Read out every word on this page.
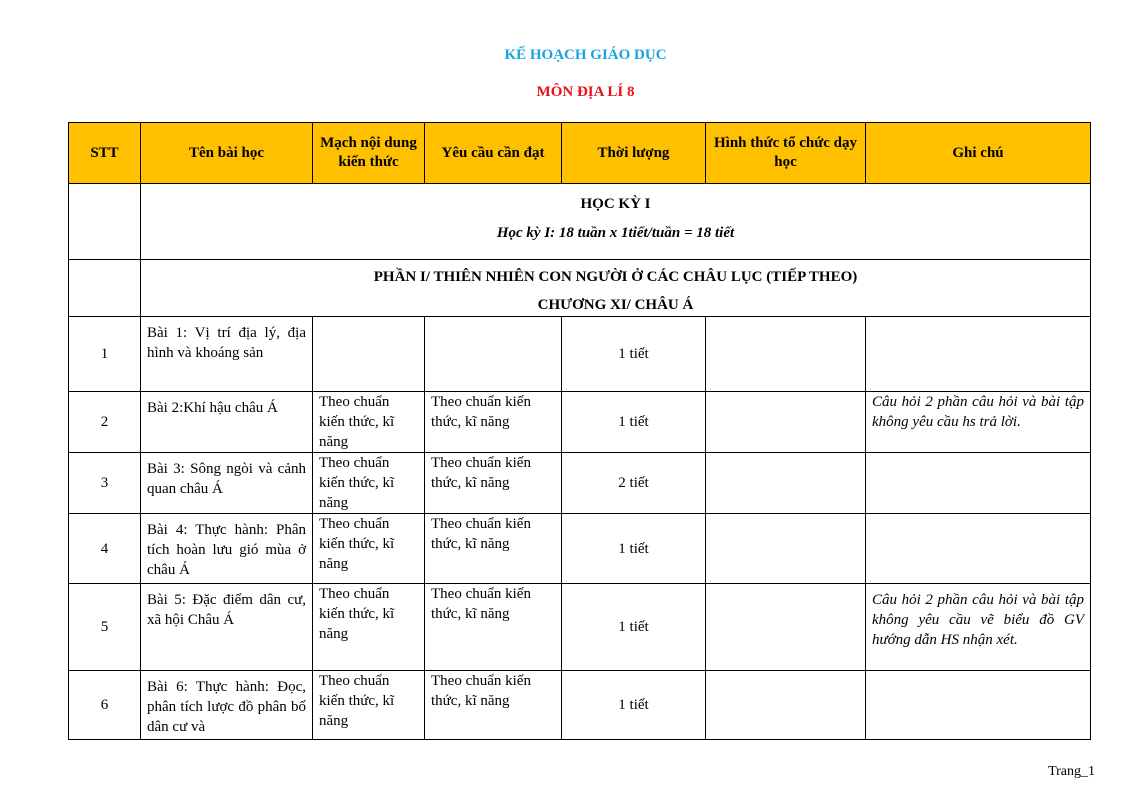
KẾ HOẠCH GIÁO DỤC
MÔN ĐỊA LÍ 8
STT	Tên bài học	Mạch nội dung kiến thức	Yêu cầu cần đạt	Thời lượng	Hình thức tổ chức dạy học	Ghi chú

	HỌC KỲ I
Học kỳ I: 18 tuần x 1tiết/tuần = 18 tiết					

	PHẦN I/ THIÊN NHIÊN CON NGƯỜI Ở CÁC CHÂU LỤC (TIẾP THEO)
CHƯƠNG XI/ CHÂU Á					

1	Bài 1: Vị trí địa lý, địa hình và khoáng sản			1 tiết		
2	Bài 2:Khí hậu châu Á	Theo chuẩn kiến thức, kĩ năng	Theo chuẩn kiến thức, kĩ năng	1 tiết		Câu hỏi 2 phần câu hỏi và bài tập không yêu cầu hs trả lời.
3	Bài 3: Sông ngòi và cảnh quan châu Á	Theo chuẩn kiến thức, kĩ năng	Theo chuẩn kiến thức, kĩ năng	2 tiết		
4	Bài 4: Thực hành: Phân tích hoàn lưu gió mùa ở châu Á	Theo chuẩn kiến thức, kĩ năng	Theo chuẩn kiến thức, kĩ năng	1 tiết		
5	Bài 5: Đặc điểm dân cư, xã hội Châu Á	Theo chuẩn kiến thức, kĩ năng	Theo chuẩn kiến thức, kĩ năng	1 tiết		Câu hỏi 2 phần câu hỏi và bài tập không yêu cầu vẽ biểu đồ GV hướng dẫn HS nhận xét.
6	Bài 6: Thực hành: Đọc, phân tích lược đồ phân bố dân cư và	Theo chuẩn kiến thức, kĩ năng	Theo chuẩn kiến thức, kĩ năng	1 tiết		
Trang_1
